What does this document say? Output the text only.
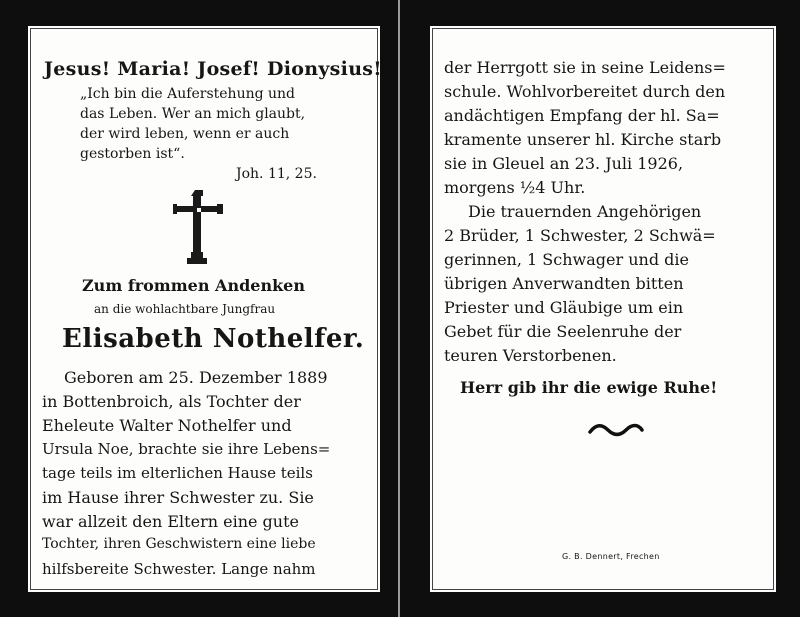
Jesus! Maria! Josef! Dionysius!
„Ich bin die Auferstehung und
das Leben. Wer an mich glaubt,
der wird leben, wenn er auch
gestorben ist“.
Joh. 11, 25.
Zum frommen Andenken
an die wohlachtbare Jungfrau
Elisabeth Nothelfer.
Geboren am 25. Dezember 1889
in Bottenbroich, als Tochter der
Eheleute Walter Nothelfer und
Ursula Noe, brachte sie ihre Lebens=
tage teils im elterlichen Hause teils
im Hause ihrer Schwester zu. Sie
war allzeit den Eltern eine gute
Tochter, ihren Geschwistern eine liebe
hilfsbereite Schwester. Lange nahm
der Herrgott sie in seine Leidens=
schule. Wohlvorbereitet durch den
andächtigen Empfang der hl. Sa=
kramente unserer hl. Kirche starb
sie in Gleuel an 23. Juli 1926,
morgens ½4 Uhr.
Die trauernden Angehörigen
2 Brüder, 1 Schwester, 2 Schwä=
gerinnen, 1 Schwager und die
übrigen Anverwandten bitten
Priester und Gläubige um ein
Gebet für die Seelenruhe der
teuren Verstorbenen.
Herr gib ihr die ewige Ruhe!
G. B. Dennert, Frechen
